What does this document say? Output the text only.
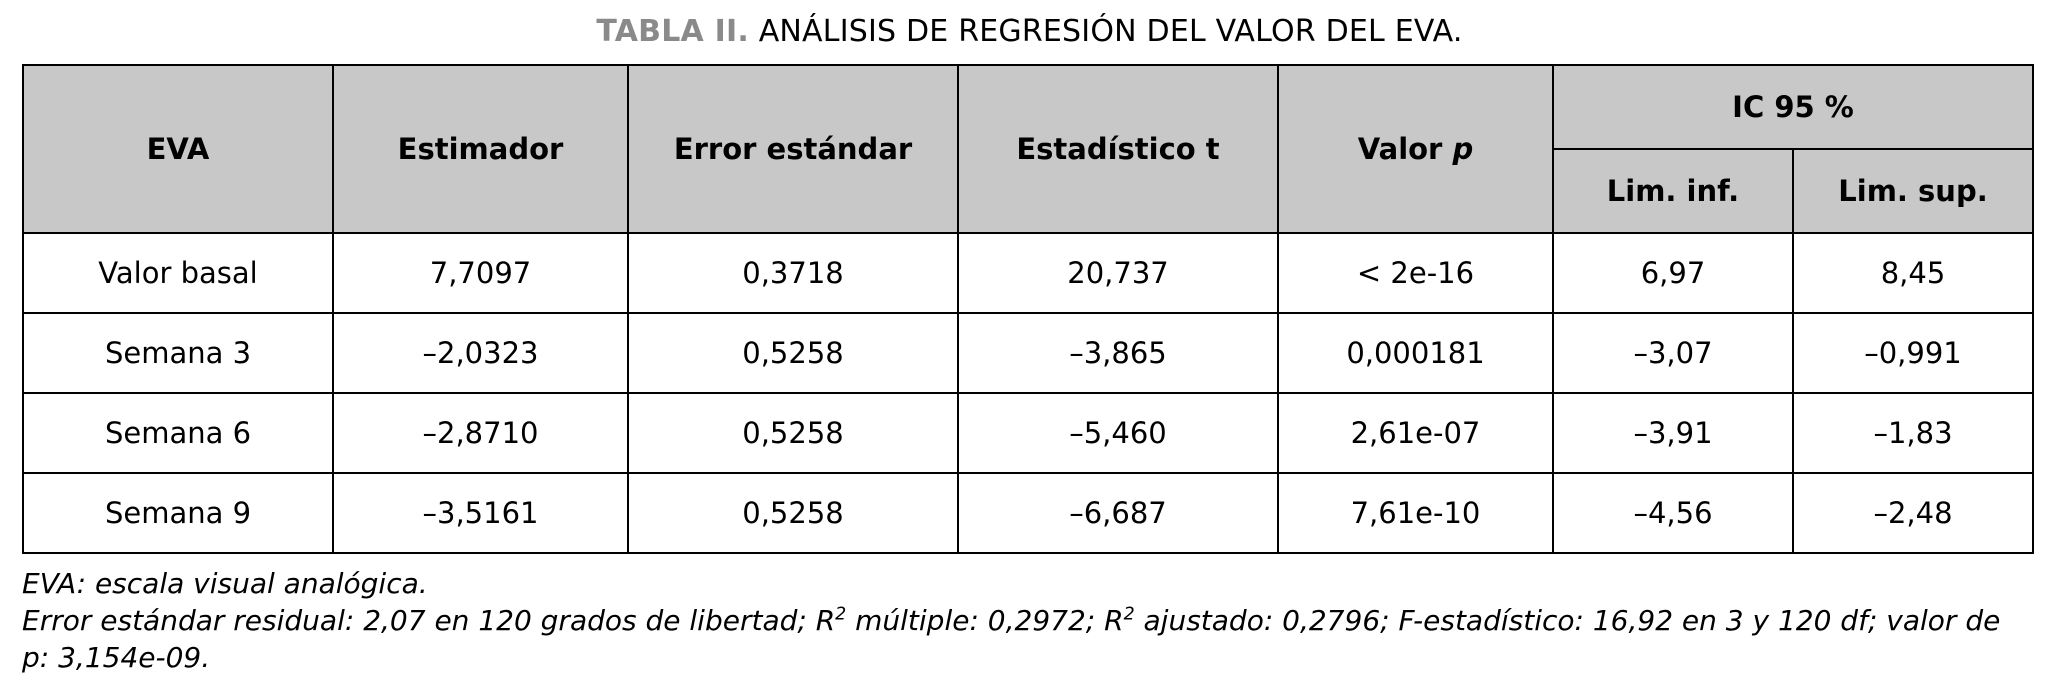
TABLA II. ANÁLISIS DE REGRESIÓN DEL VALOR DEL EVA.
EVA	Estimador	Error estándar	Estadístico t	Valor p	IC 95 %	
					Lim. inf.	Lim. sup.
Valor basal	7,7097	0,3718	20,737	< 2e-16	6,97	8,45
Semana 3	–2,0323	0,5258	–3,865	0,000181	–3,07	–0,991
Semana 6	–2,8710	0,5258	–5,460	2,61e-07	–3,91	–1,83
Semana 9	–3,5161	0,5258	–6,687	7,61e-10	–4,56	–2,48
EVA: escala visual analógica.
Error estándar residual: 2,07 en 120 grados de libertad; $R^2$ múltiple: 0,2972; $R^2$ ajustado: 0,2796; F-estadístico: 16,92 en 3 y 120 df; valor de p: 3,154e-09.
